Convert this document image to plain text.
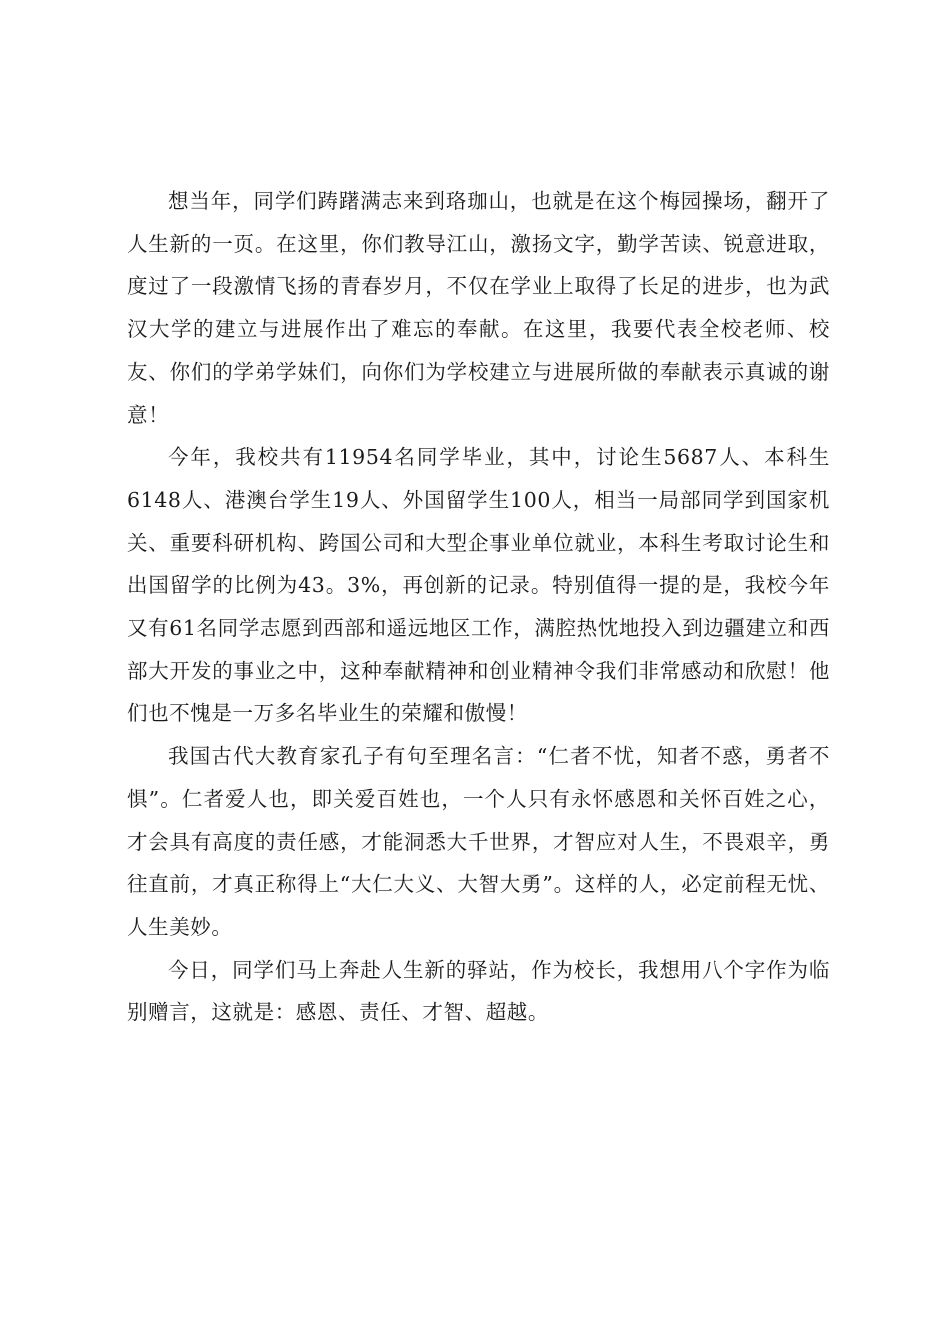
想当年，同学们踌躇满志来到珞珈山，也就是在这个梅园操场，翻开了人生新的一页。在这里，你们教导江山，激扬文字，勤学苦读、锐意进取，度过了一段激情飞扬的青春岁月，不仅在学业上取得了长足的进步，也为武汉大学的建立与进展作出了难忘的奉献。在这里，我要代表全校老师、校友、你们的学弟学妹们，向你们为学校建立与进展所做的奉献表示真诚的谢意！

今年，我校共有11954名同学毕业，其中，讨论生5687人、本科生6148人、港澳台学生19人、外国留学生100人，相当一局部同学到国家机关、重要科研机构、跨国公司和大型企事业单位就业，本科生考取讨论生和出国留学的比例为43。3%，再创新的记录。特别值得一提的是，我校今年又有61名同学志愿到西部和遥远地区工作，满腔热忱地投入到边疆建立和西部大开发的事业之中，这种奉献精神和创业精神令我们非常感动和欣慰！他们也不愧是一万多名毕业生的荣耀和傲慢！

我国古代大教育家孔子有句至理名言：“仁者不忧，知者不惑，勇者不惧”。仁者爱人也，即关爱百姓也，一个人只有永怀感恩和关怀百姓之心，才会具有高度的责任感，才能洞悉大千世界，才智应对人生，不畏艰辛，勇往直前，才真正称得上“大仁大义、大智大勇”。这样的人，必定前程无忧、人生美妙。

今日，同学们马上奔赴人生新的驿站，作为校长，我想用八个字作为临别赠言，这就是：感恩、责任、才智、超越。
